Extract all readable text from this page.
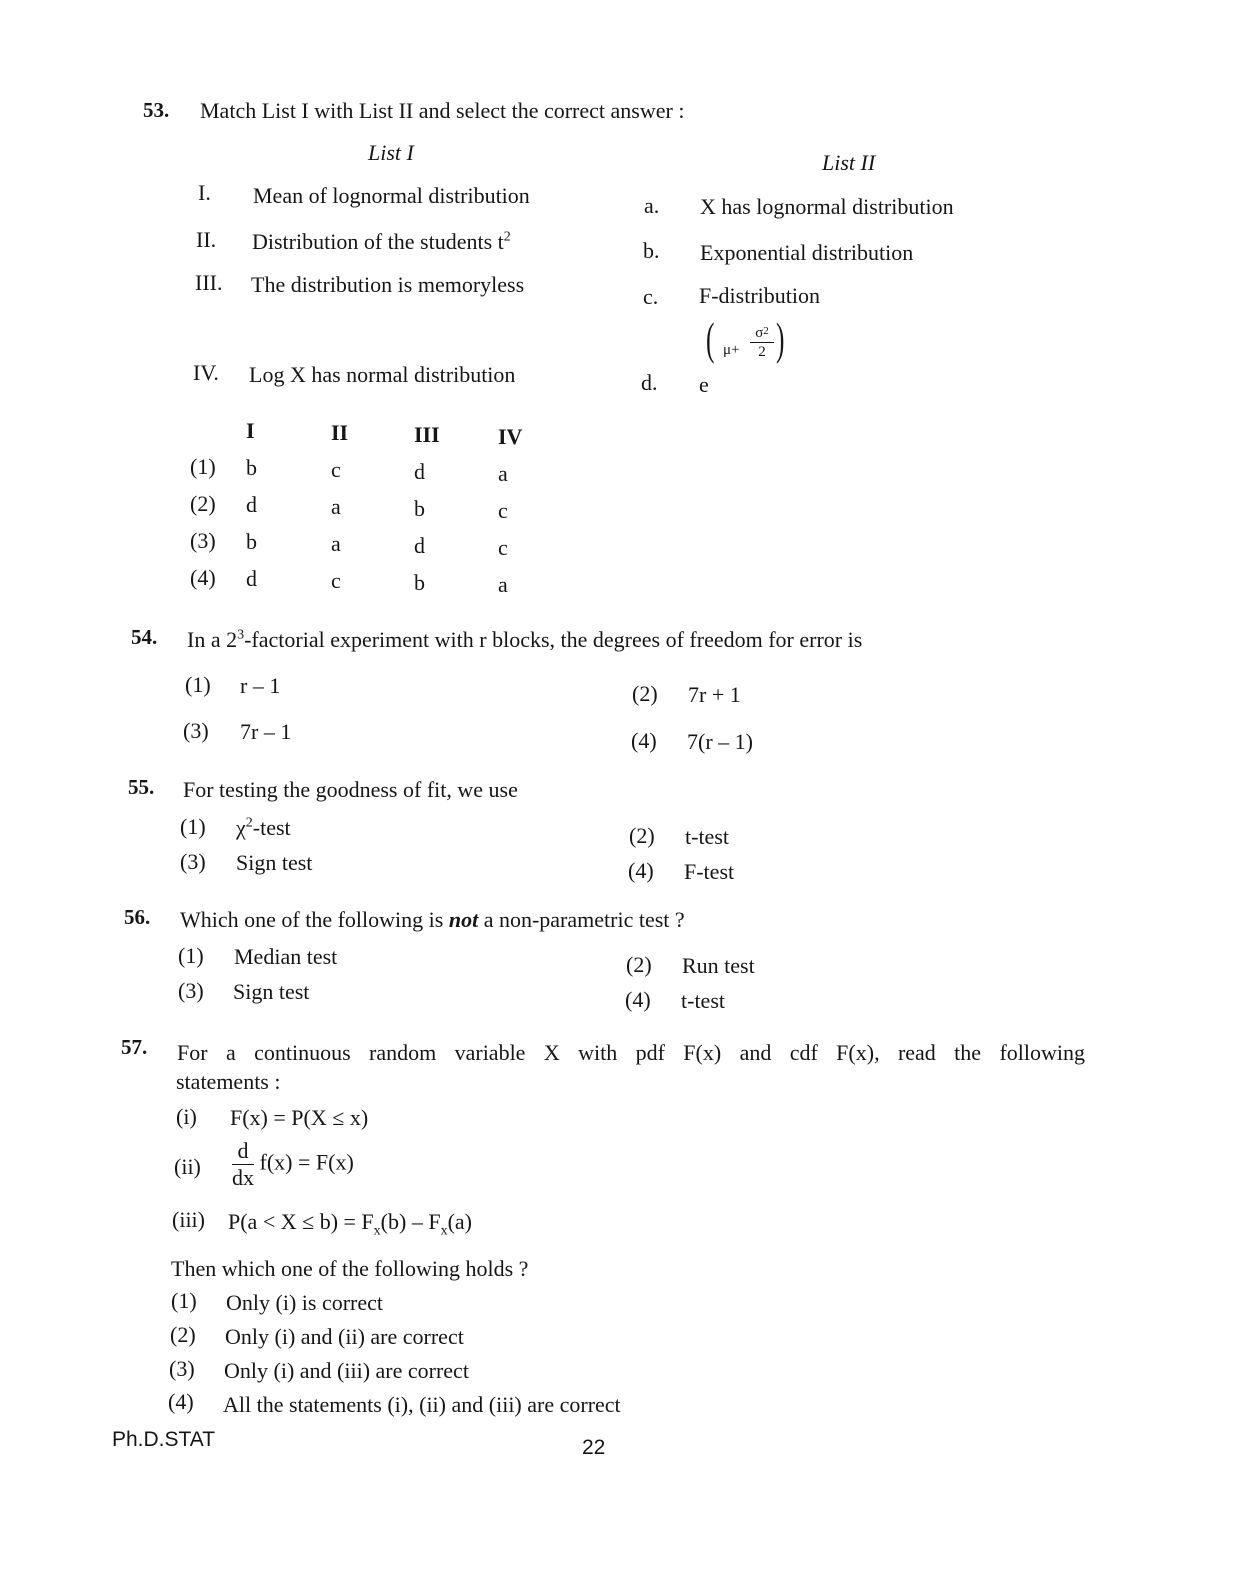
53. Match List I with List II and select the correct answer :
List I	List II
I. Mean of lognormal distribution
II. Distribution of the students $t^2$
III. The distribution is memoryless
IV. Log X has normal distribution
a. X has lognormal distribution
b. Exponential distribution
c. F-distribution
d. e
( μ+
$\sigma^2$
2 )
I	II	III	IV
(1) b	c	d	a
(2) d	a	b	c
(3) b	a	d	c
(4) d	c	b	a
54. In a $2^3$-factorial experiment with r blocks, the degrees of freedom for error is
(1) r – 1	(2) 7r + 1
(3) 7r – 1	(4) 7(r – 1)
55. For testing the goodness of fit, we use
(1) $\chi^2$-test	(2) t-test
(3) Sign test	(4) F-test
56. Which one of the following is not a non-parametric test ?
(1) Median test	(2) Run test
(3) Sign test	(4) t-test
57. For a continuous random variable X with pdf F(x) and cdf F(x), read the following
statements :
(i) F(x) = P(X ≤ x)
$(ii) \frac{d}{dx} f(x) = F(x)$
(iii) $P(a < X \le b) = F_x(b) - F_x(a)$
Then which one of the following holds ?
(1) Only (i) is correct
(2) Only (i) and (ii) are correct
(3) Only (i) and (iii) are correct
(4) All the statements (i), (ii) and (iii) are correct
Ph.D.STAT	22
